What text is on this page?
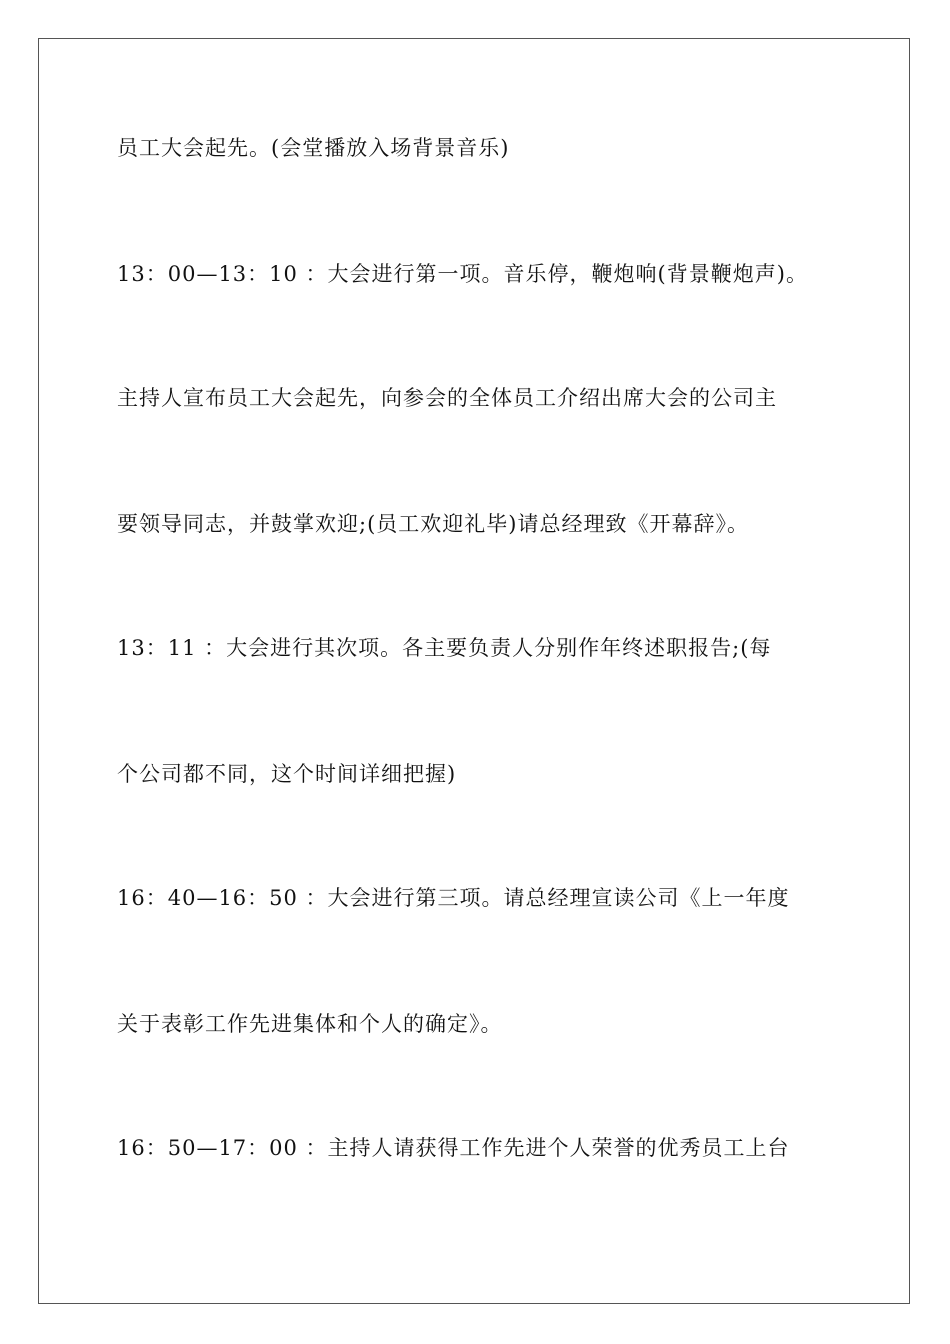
员工大会起先。(会堂播放入场背景音乐)

13：00—13：10 ：大会进行第一项。音乐停，鞭炮响(背景鞭炮声)。

主持人宣布员工大会起先，向参会的全体员工介绍出席大会的公司主

要领导同志，并鼓掌欢迎;(员工欢迎礼毕)请总经理致《开幕辞》。

13：11 ：大会进行其次项。各主要负责人分别作年终述职报告;(每

个公司都不同，这个时间详细把握)

16：40—16：50 ：大会进行第三项。请总经理宣读公司《上一年度

关于表彰工作先进集体和个人的确定》。

16：50—17：00 ：主持人请获得工作先进个人荣誉的优秀员工上台
